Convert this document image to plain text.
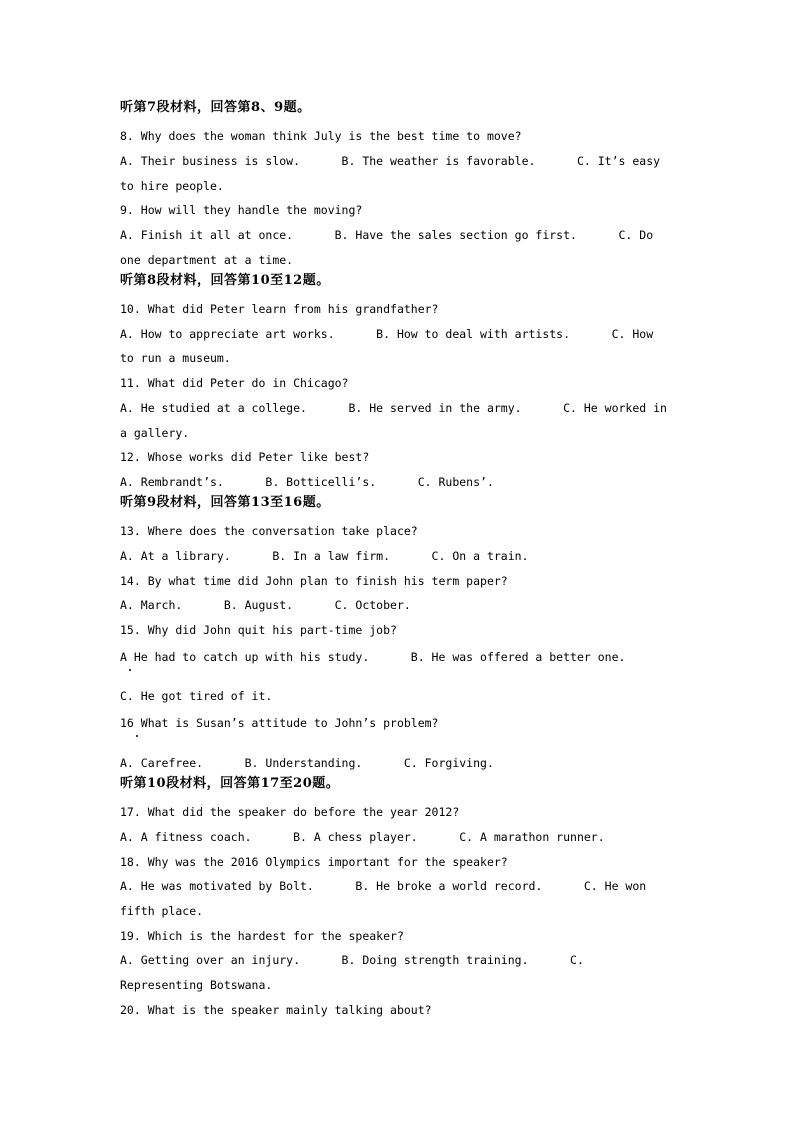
听第7段材料，回答第8、9题。
8. Why does the woman think July is the best time to move?
A. Their business is slow.      B. The weather is favorable.      C. It’s easy
to hire people.
9. How will they handle the moving?
A. Finish it all at once.      B. Have the sales section go first.      C. Do
one department at a time.
听第8段材料，回答第10至12题。
10. What did Peter learn from his grandfather?
A. How to appreciate art works.      B. How to deal with artists.      C. How
to run a museum.
11. What did Peter do in Chicago?
A. He studied at a college.      B. He served in the army.      C. He worked in
a gallery.
12. Whose works did Peter like best?
A. Rembrandt’s.      B. Botticelli’s.      C. Rubens’.
听第9段材料，回答第13至16题。
13. Where does the conversation take place?
A. At a library.      B. In a law firm.      C. On a train.
14. By what time did John plan to finish his term paper?
A. March.      B. August.      C. October.
15. Why did John quit his part-time job?
A He had to catch up with his study.      B. He was offered a better one.
C. He got tired of it.
16 What is Susan’s attitude to John’s problem?
A. Carefree.      B. Understanding.      C. Forgiving.
听第10段材料，回答第17至20题。
17. What did the speaker do before the year 2012?
A. A fitness coach.      B. A chess player.      C. A marathon runner.
18. Why was the 2016 Olympics important for the speaker?
A. He was motivated by Bolt.      B. He broke a world record.      C. He won
fifth place.
19. Which is the hardest for the speaker?
A. Getting over an injury.      B. Doing strength training.      C.
Representing Botswana.
20. What is the speaker mainly talking about?
